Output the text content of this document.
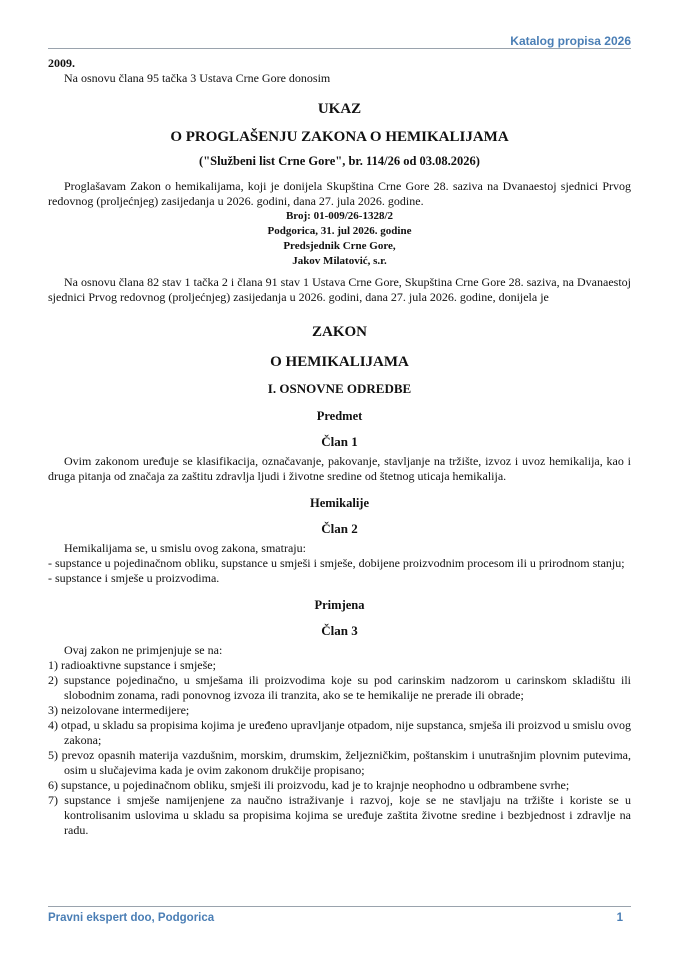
Katalog propisa 2026

2009.

Na osnovu člana 95 tačka 3 Ustava Crne Gore donosim

UKAZ

O PROGLAŠENJU ZAKONA O HEMIKALIJAMA

("Službeni list Crne Gore", br. 114/26 od 03.08.2026)

Proglašavam Zakon o hemikalijama, koji je donijela Skupština Crne Gore 28. saziva na Dvanaestoj sjednici Prvog redovnog (proljećnjeg) zasijedanja u 2026. godini, dana 27. jula 2026. godine.

Broj: 01-009/26-1328/2

Podgorica, 31. jul 2026. godine

Predsjednik Crne Gore,

Jakov Milatović, s.r.

Na osnovu člana 82 stav 1 tačka 2 i člana 91 stav 1 Ustava Crne Gore, Skupština Crne Gore 28. saziva, na Dvanaestoj sjednici Prvog redovnog (proljećnjeg) zasijedanja u 2026. godini, dana 27. jula 2026. godine, donijela je

ZAKON

O HEMIKALIJAMA

I. OSNOVNE ODREDBE

Predmet

Član 1

Ovim zakonom uređuje se klasifikacija, označavanje, pakovanje, stavljanje na tržište, izvoz i uvoz hemikalija, kao i druga pitanja od značaja za zaštitu zdravlja ljudi i životne sredine od štetnog uticaja hemikalija.

Hemikalije

Član 2

Hemikalijama se, u smislu ovog zakona, smatraju:

- supstance u pojedinačnom obliku, supstance u smješi i smješe, dobijene proizvodnim procesom ili u prirodnom stanju;

- supstance i smješe u proizvodima.

Primjena

Član 3

Ovaj zakon ne primjenjuje se na:

1) radioaktivne supstance i smješe;

2) supstance pojedinačno, u smješama ili proizvodima koje su pod carinskim nadzorom u carinskom skladištu ili slobodnim zonama, radi ponovnog izvoza ili tranzita, ako se te hemikalije ne prerade ili obrade;

3) neizolovane intermedijere;

4) otpad, u skladu sa propisima kojima je uređeno upravljanje otpadom, nije supstanca, smješa ili proizvod u smislu ovog zakona;

5) prevoz opasnih materija vazdušnim, morskim, drumskim, željezničkim, poštanskim i unutrašnjim plovnim putevima, osim u slučajevima kada je ovim zakonom drukčije propisano;

6) supstance, u pojedinačnom obliku, smješi ili proizvodu, kad je to krajnje neophodno u odbrambene svrhe;

7) supstance i smješe namijenjene za naučno istraživanje i razvoj, koje se ne stavljaju na tržište i koriste se u kontrolisanim uslovima u skladu sa propisima kojima se uređuje zaštita životne sredine i bezbjednost i zdravlje na radu.

Pravni ekspert doo, Podgorica	1
